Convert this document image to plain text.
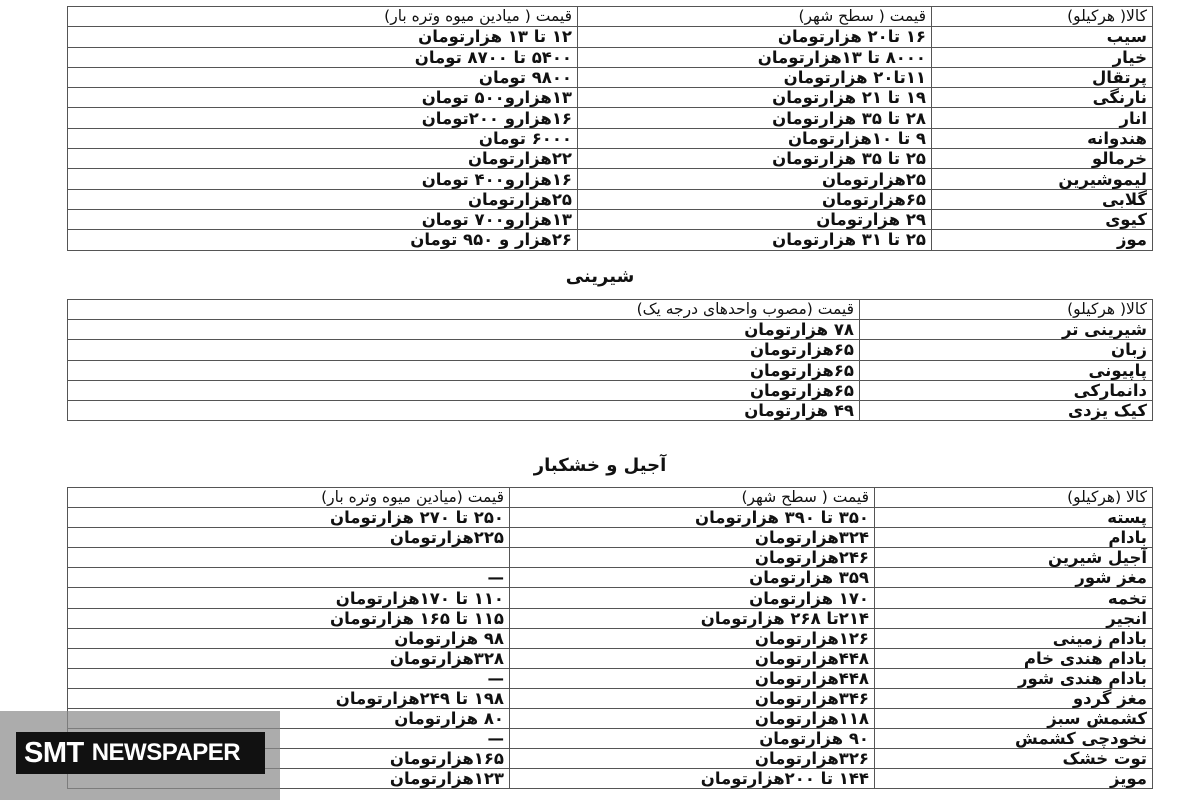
کالا( هرکیلو)	قیمت ( سطح شهر)	قیمت ( میادین میوه وتره بار)
سیب	۱۶ تا۲۰ هزارتومان	۱۲ تا ۱۳ هزارتومان
خیار	۸۰۰۰ تا ۱۳هزارتومان	۵۴۰۰ تا ۸۷۰۰ تومان
پرتقال	۱۱تا۲۰ هزارتومان	۹۸۰۰ تومان
نارنگی	۱۹ تا ۲۱ هزارتومان	۱۳هزارو۵۰۰ تومان
انار	۲۸ تا ۳۵ هزارتومان	۱۶هزارو ۲۰۰تومان
هندوانه	۹ تا ۱۰هزارتومان	۶۰۰۰ تومان
خرمالو	۲۵ تا ۳۵ هزارتومان	۲۲هزارتومان
لیموشیرین	۲۵هزارتومان	۱۶هزارو۴۰۰ تومان
گلابی	۶۵هزارتومان	۲۵هزارتومان
کیوی	۲۹ هزارتومان	۱۳هزارو۷۰۰ تومان
موز	۲۵ تا ۳۱ هزارتومان	۲۶هزار و ۹۵۰ تومان
شیرینی
کالا( هرکیلو)	قیمت (مصوب واحدهای درجه یک)
شیرینی تر	۷۸ هزارتومان
زبان	۶۵هزارتومان
پاپیونی	۶۵هزارتومان
دانمارکی	۶۵هزارتومان
کیک یزدی	۴۹ هزارتومان
آجیل و خشکبار
کالا (هرکیلو)	قیمت ( سطح شهر)	قیمت (میادین میوه وتره بار)
پسته	۳۵۰ تا ۳۹۰ هزارتومان	۲۵۰ تا ۲۷۰ هزارتومان
بادام	۳۲۴هزارتومان	۲۲۵هزارتومان
آجیل شیرین	۲۴۶هزارتومان	
مغز شور	۳۵۹ هزارتومان	—
تخمه	۱۷۰ هزارتومان	۱۱۰ تا ۱۷۰هزارتومان
انجیر	۲۱۴تا ۲۶۸ هزارتومان	۱۱۵ تا ۱۶۵ هزارتومان
بادام زمینی	۱۲۶هزارتومان	۹۸ هزارتومان
بادام هندی خام	۴۴۸هزارتومان	۳۲۸هزارتومان
بادام هندی شور	۴۴۸هزارتومان	—
مغز گردو	۳۴۶هزارتومان	۱۹۸ تا ۲۴۹هزارتومان
کشمش سبز	۱۱۸هزارتومان	۸۰ هزارتومان
نخودچی کشمش	۹۰ هزارتومان	—
توت خشک	۳۲۶هزارتومان	۱۶۵هزارتومان
مویز	۱۴۴ تا ۲۰۰هزارتومان	۱۲۳هزارتومان
SMT NEWSPAPER
